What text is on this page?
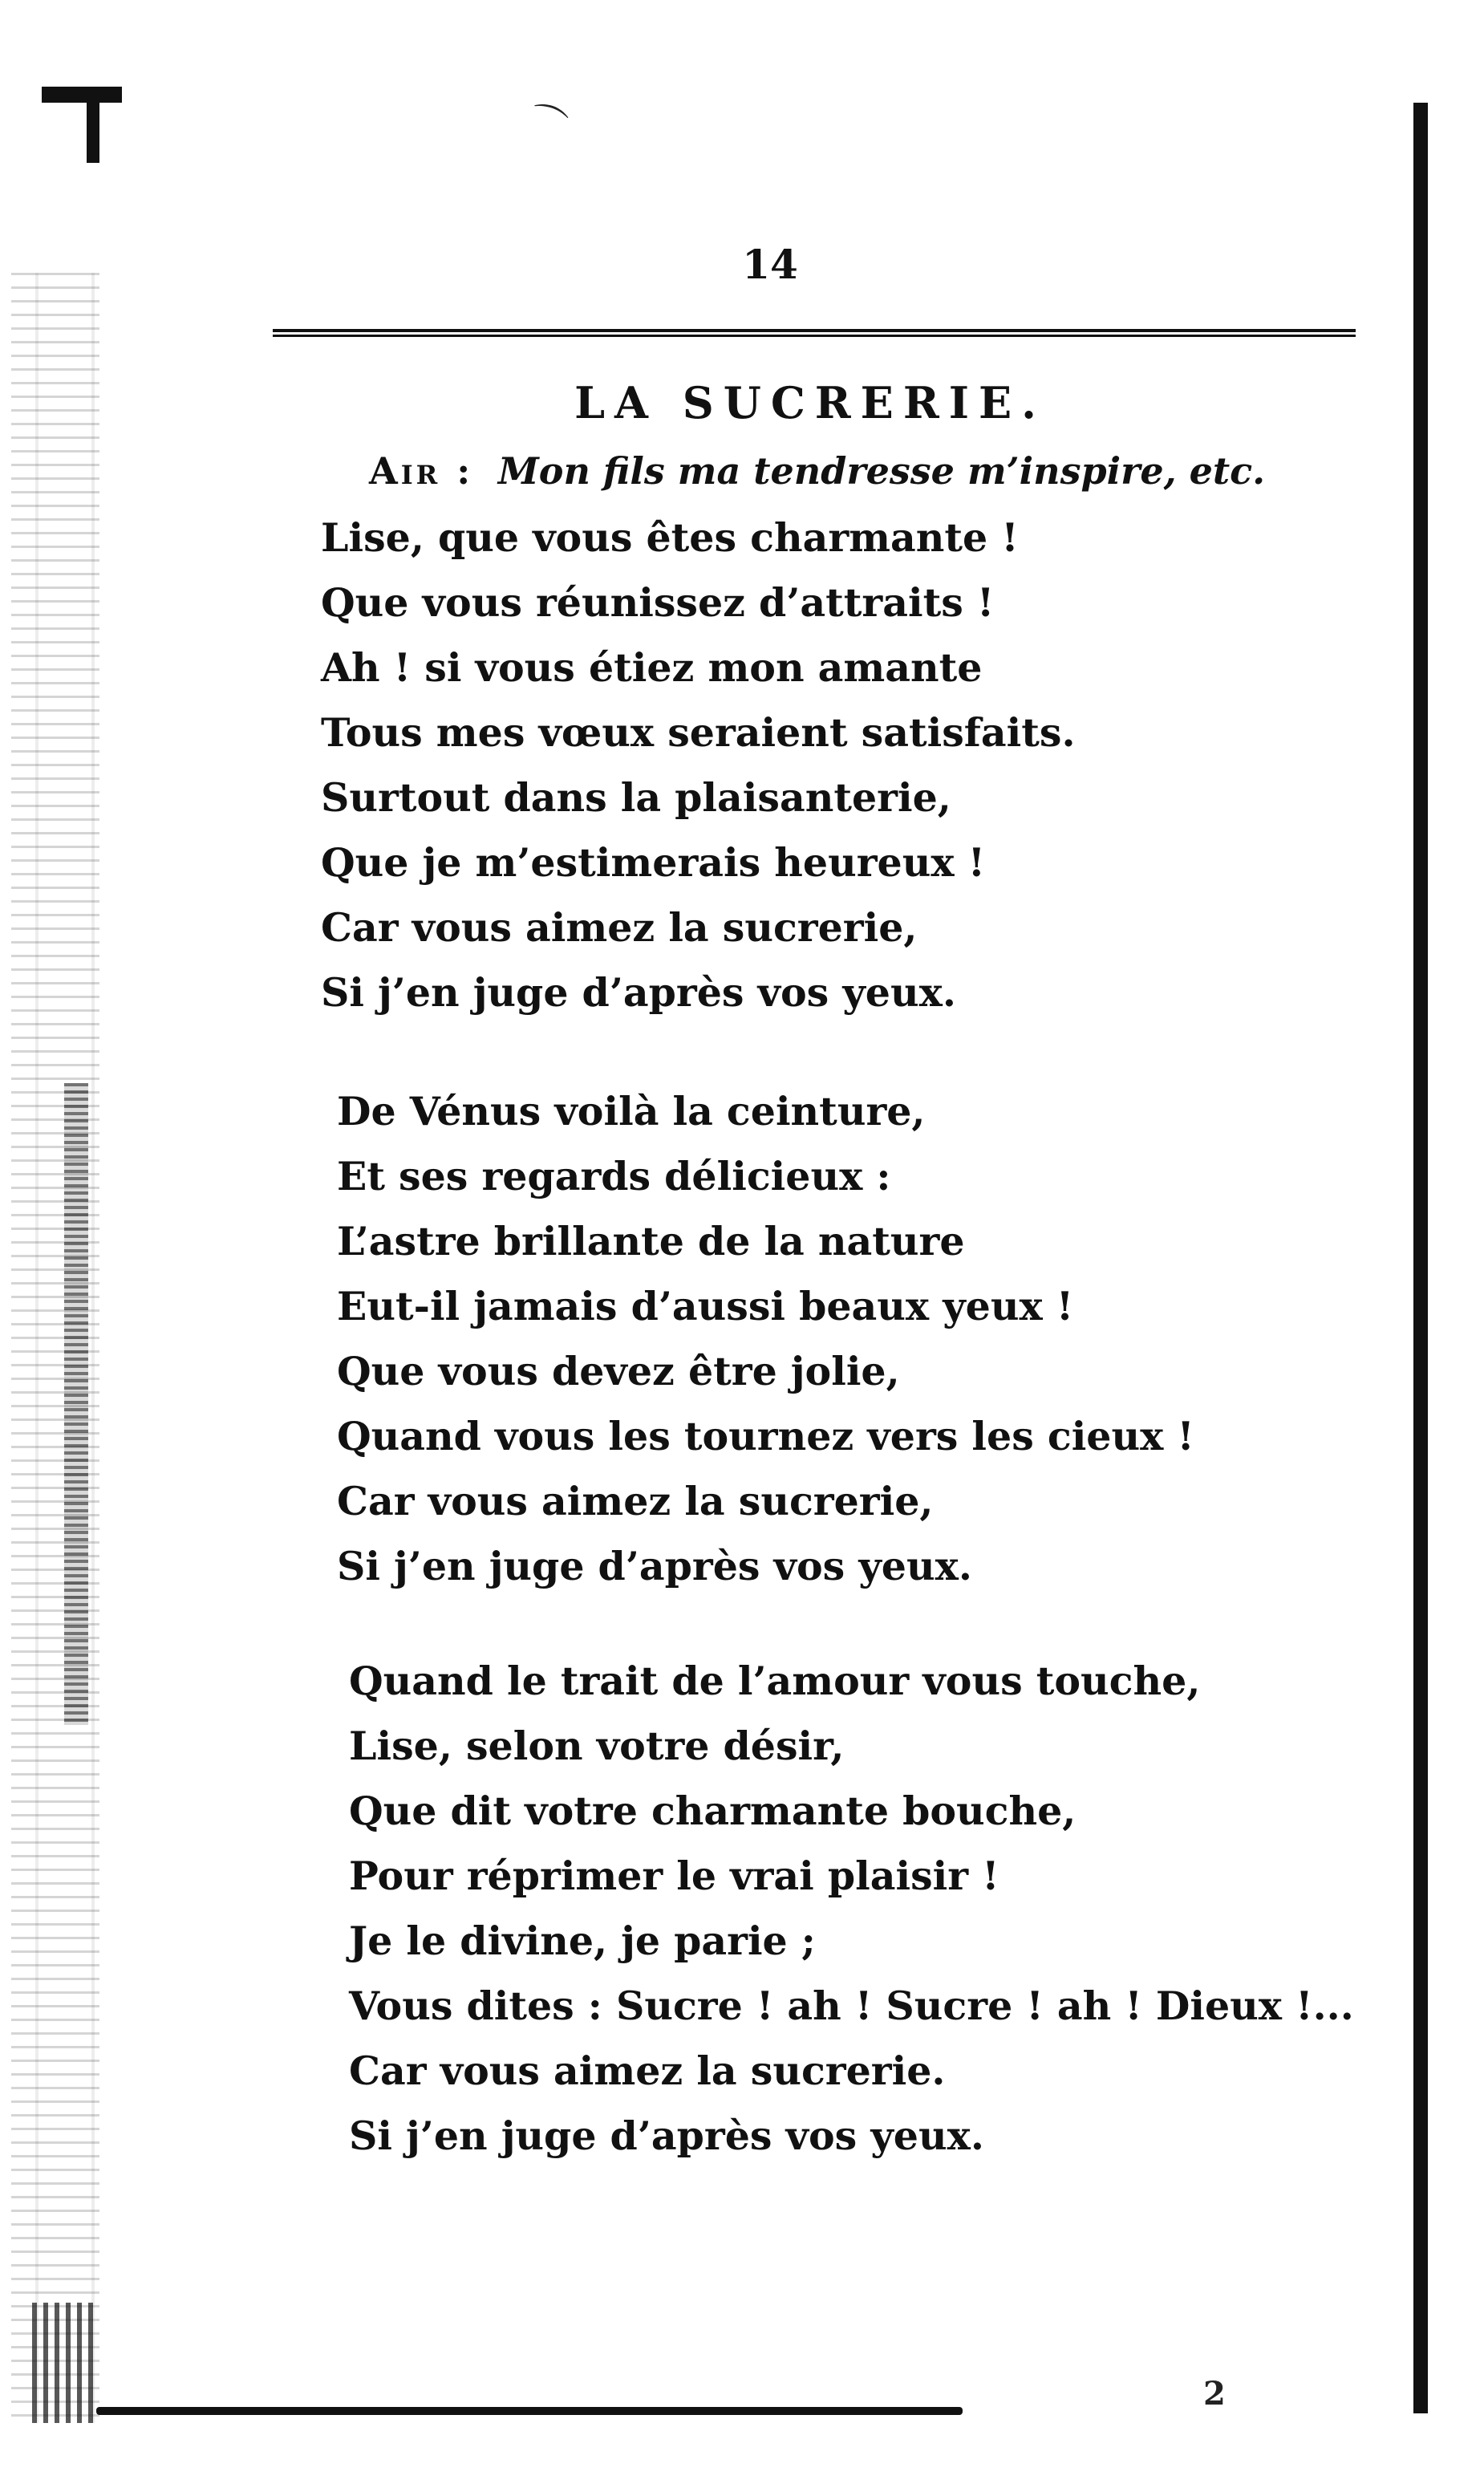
⌒
14
LA SUCRERIE.
Air : Mon fils ma tendresse m’inspire, etc.
Lise, que vous êtes charmante !
Que vous réunissez d’attraits !
Ah ! si vous étiez mon amante
Tous mes vœux seraient satisfaits.
Surtout dans la plaisanterie,
Que je m’estimerais heureux !
Car vous aimez la sucrerie,
Si j’en juge d’après vos yeux.
De Vénus voilà la ceinture,
Et ses regards délicieux :
L’astre brillante de la nature
Eut-il jamais d’aussi beaux yeux !
Que vous devez être jolie,
Quand vous les tournez vers les cieux !
Car vous aimez la sucrerie,
Si j’en juge d’après vos yeux.
Quand le trait de l’amour vous touche,
Lise, selon votre désir,
Que dit votre charmante bouche,
Pour réprimer le vrai plaisir !
Je le divine, je parie ;
Vous dites : Sucre ! ah ! Sucre ! ah ! Dieux !...
Car vous aimez la sucrerie.
Si j’en juge d’après vos yeux.
2
